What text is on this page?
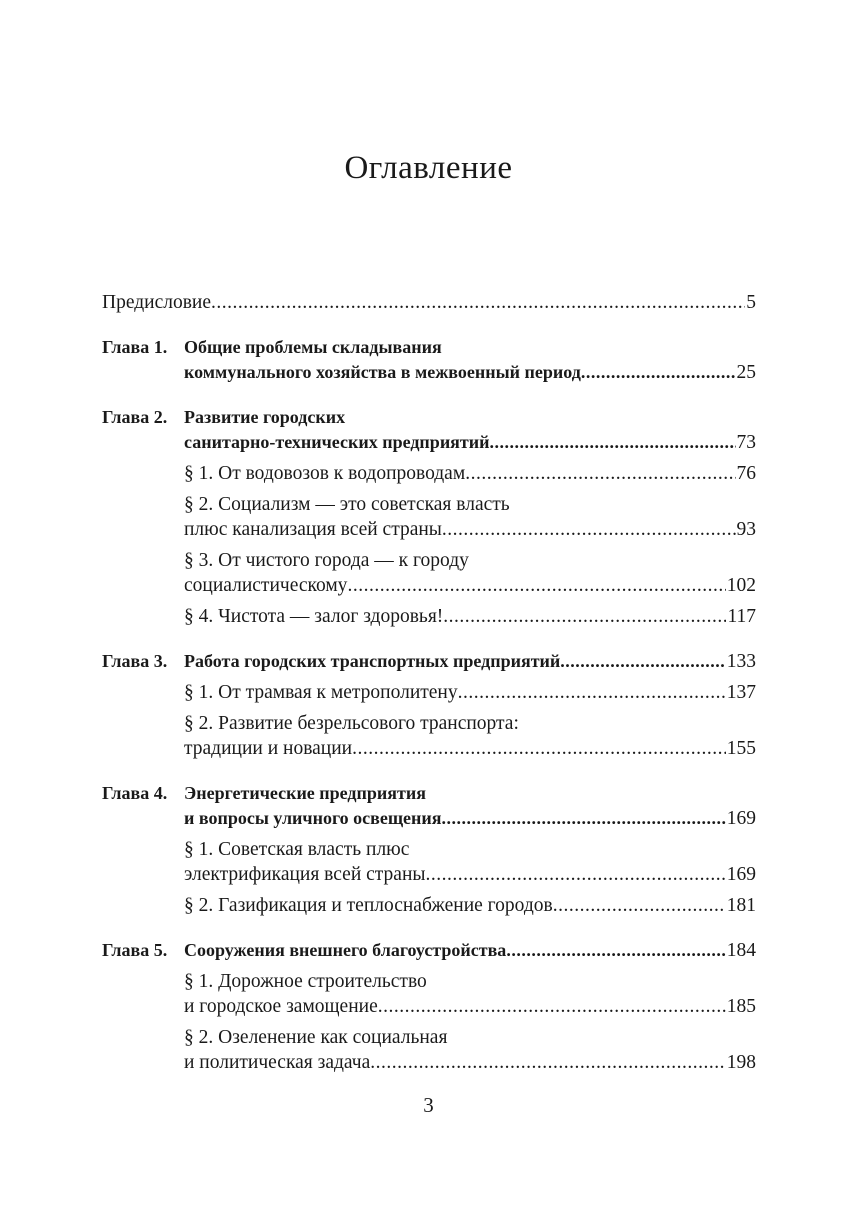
Оглавление
Предисловие .....	5
Глава 1. Общие проблемы складывания
коммунального хозяйства в межвоенный период .....	25
Глава 2. Развитие городских
санитарно-технических предприятий .....	73
§ 1. От водовозов к водопроводам .....	76
§ 2. Социализм — это советская власть
плюс канализация всей страны .....	93
§ 3. От чистого города — к городу
социалистическому .....	102
§ 4. Чистота — залог здоровья! .....	117
Глава 3. Работа городских транспортных предприятий .....	133
§ 1. От трамвая к метрополитену .....	137
§ 2. Развитие безрельсового транспорта:
традиции и новации .....	155
Глава 4. Энергетические предприятия
и вопросы уличного освещения .....	169
§ 1. Советская власть плюс
электрификация всей страны .....	169
§ 2. Газификация и теплоснабжение городов .....	181
Глава 5. Сооружения внешнего благоустройства .....	184
§ 1. Дорожное строительство
и городское замощение .....	185
§ 2. Озеленение как социальная
и политическая задача .....	198
3
